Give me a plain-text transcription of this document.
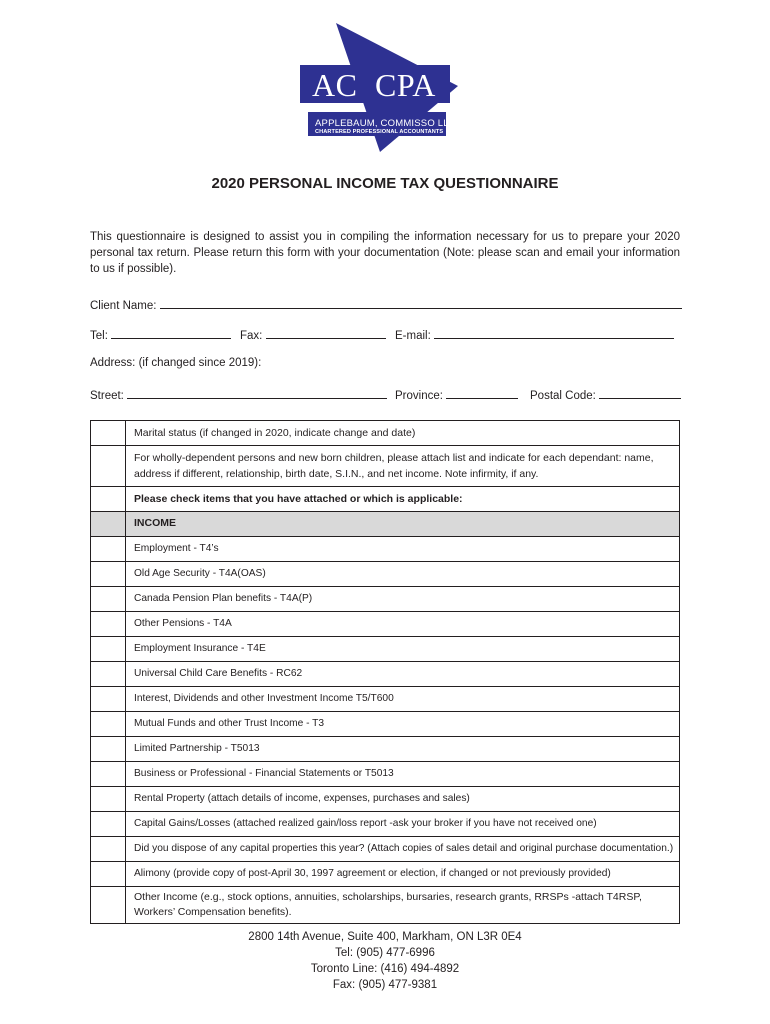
AC CPA
APPLEBAUM, COMMISSO LLP
CHARTERED PROFESSIONAL ACCOUNTANTS
2020 PERSONAL INCOME TAX QUESTIONNAIRE
This questionnaire is designed to assist you in compiling the information necessary for us to prepare your 2020 personal tax return. Please return this form with your documentation (Note: please scan and email your information to us if possible).
Client Name:
Tel:	Fax:	E-mail:
Address: (if changed since 2019):
Street:	Province:	Postal Code:
	Marital status (if changed in 2020, indicate change and date)
	For wholly-dependent persons and new born children, please attach list and indicate for each dependant: name, address if different, relationship, birth date, S.I.N., and net income. Note infirmity, if any.
	Please check items that you have attached or which is applicable:
	INCOME
	Employment - T4’s
	Old Age Security - T4A(OAS)
	Canada Pension Plan benefits - T4A(P)
	Other Pensions - T4A
	Employment Insurance - T4E
	Universal Child Care Benefits - RC62
	Interest, Dividends and other Investment Income T5/T600
	Mutual Funds and other Trust Income - T3
	Limited Partnership - T5013
	Business or Professional - Financial Statements or T5013
	Rental Property (attach details of income, expenses, purchases and sales)
	Capital Gains/Losses (attached realized gain/loss report -ask your broker if you have not received one)
	Did you dispose of any capital properties this year? (Attach copies of sales detail and original purchase documentation.)
	Alimony (provide copy of post-April 30, 1997 agreement or election, if changed or not previously provided)
	Other Income (e.g., stock options, annuities, scholarships, bursaries, research grants, RRSPs -attach T4RSP, Workers’ Compensation benefits).
2800 14th Avenue, Suite 400, Markham, ON L3R 0E4
Tel: (905) 477-6996
Toronto Line: (416) 494-4892
Fax: (905) 477-9381
